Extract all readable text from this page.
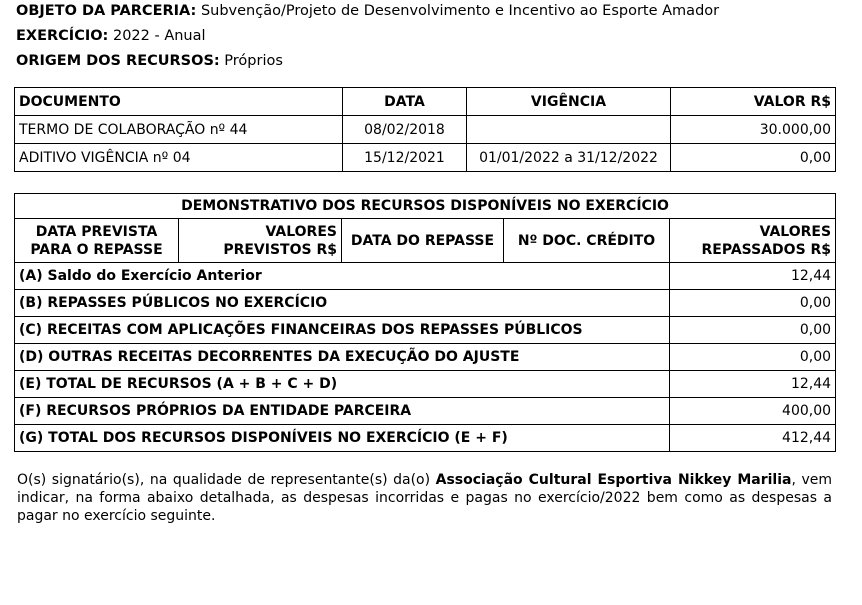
OBJETO DA PARCERIA: Subvenção/Projeto de Desenvolvimento e Incentivo ao Esporte Amador
EXERCÍCIO: 2022 - Anual
ORIGEM DOS RECURSOS: Próprios
DOCUMENTO	DATA	VIGÊNCIA	VALOR R$
TERMO DE COLABORAÇÃO nº 44	08/02/2018		30.000,00
ADITIVO VIGÊNCIA nº 04	15/12/2021	01/01/2022 a 31/12/2022	0,00
DEMONSTRATIVO DOS RECURSOS DISPONÍVEIS NO EXERCÍCIO				
DATA PREVISTA PARA O REPASSE	VALORES PREVISTOS R$	DATA DO REPASSE	Nº DOC. CRÉDITO	VALORES REPASSADOS R$
(A) Saldo do Exercício Anterior				12,44
(B) REPASSES PÚBLICOS NO EXERCÍCIO				0,00
(C) RECEITAS COM APLICAÇÕES FINANCEIRAS DOS REPASSES PÚBLICOS				0,00
(D) OUTRAS RECEITAS DECORRENTES DA EXECUÇÃO DO AJUSTE				0,00
(E) TOTAL DE RECURSOS (A + B + C + D)				12,44
(F) RECURSOS PRÓPRIOS DA ENTIDADE PARCEIRA				400,00
(G) TOTAL DOS RECURSOS DISPONÍVEIS NO EXERCÍCIO (E + F)				412,44
O(s) signatário(s), na qualidade de representante(s) da(o) Associação Cultural Esportiva Nikkey Marilia, vem indicar, na forma abaixo detalhada, as despesas incorridas e pagas no exercício/2022 bem como as despesas a pagar no exercício seguinte.
